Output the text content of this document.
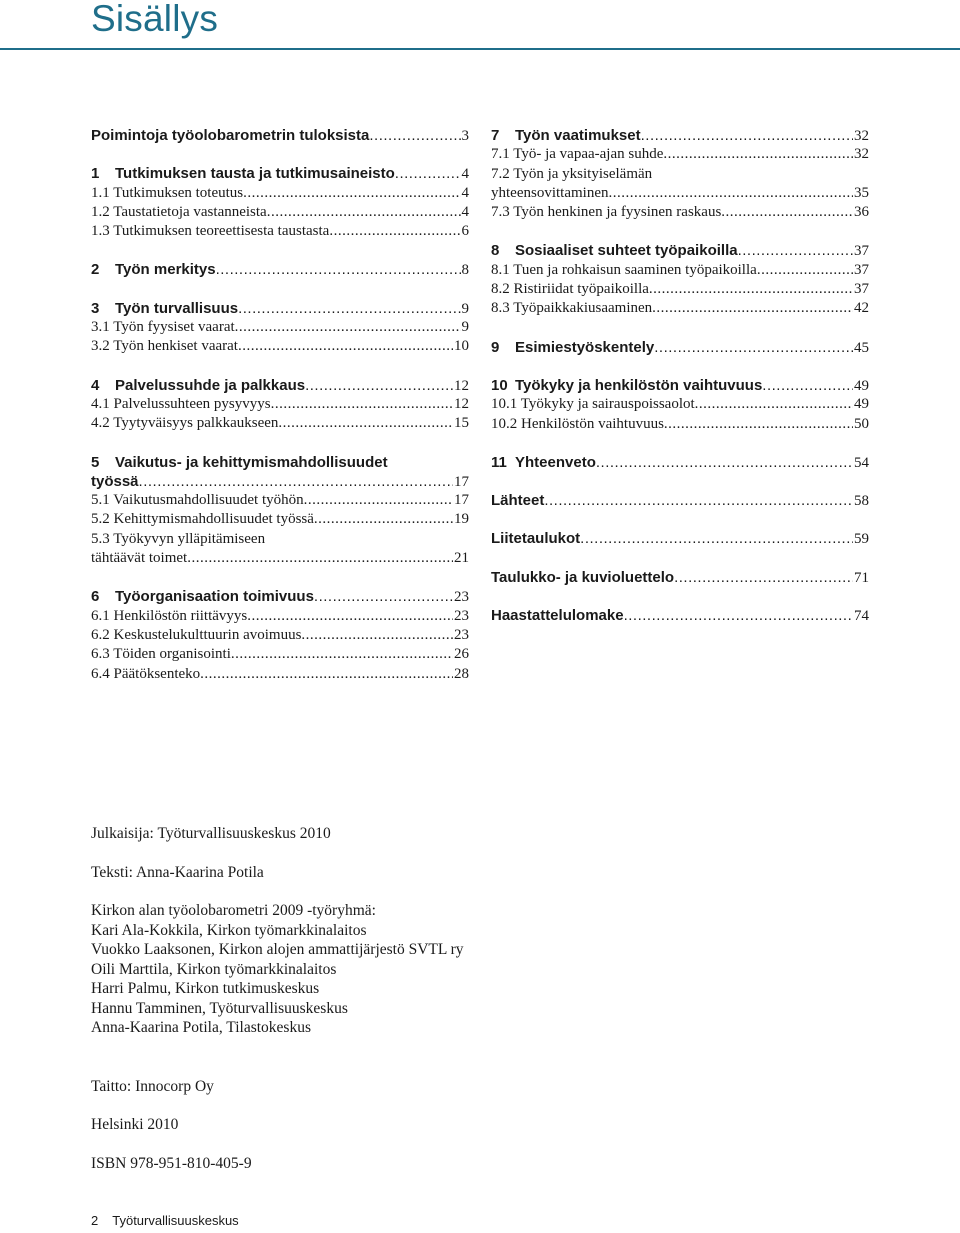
Sisällys
Poimintoja työolobarometrin tuloksista .....	3
1 Tutkimuksen tausta ja tutkimusaineisto .....	4
1.1 Tutkimuksen toteutus .....	4
1.2 Taustatietoja vastanneista .....	4
1.3 Tutkimuksen teoreettisesta taustasta .....	6
2 Työn merkitys .....	8
3 Työn turvallisuus .....	9
3.1 Työn fyysiset vaarat .....	9
3.2 Työn henkiset vaarat .....	10
4 Palvelussuhde ja palkkaus .....	12
4.1 Palvelussuhteen pysyvyys .....	12
4.2 Tyytyväisyys palkkaukseen .....	15
5 Vaikutus- ja kehittymismahdollisuudet
työssä .....	17
5.1 Vaikutusmahdollisuudet työhön .....	17
5.2 Kehittymismahdollisuudet työssä .....	19
5.3 Työkyvyn ylläpitämiseen
tähtäävät toimet .....	21
6 Työorganisaation toimivuus .....	23
6.1 Henkilöstön riittävyys .....	23
6.2 Keskustelukulttuurin avoimuus .....	23
6.3 Töiden organisointi .....	26
6.4 Päätöksenteko .....	28
7 Työn vaatimukset .....	32
7.1 Työ- ja vapaa-ajan suhde .....	32
7.2 Työn ja yksityiselämän
yhteensovittaminen .....	35
7.3 Työn henkinen ja fyysinen raskaus .....	36
8 Sosiaaliset suhteet työpaikoilla .....	37
8.1 Tuen ja rohkaisun saaminen työpaikoilla .....	37
8.2 Ristiriidat työpaikoilla .....	37
8.3 Työpaikkakiusaaminen .....	42
9 Esimiestyöskentely .....	45
10 Työkyky ja henkilöstön vaihtuvuus .....	49
10.1 Työkyky ja sairauspoissaolot .....	49
10.2 Henkilöstön vaihtuvuus .....	50
11 Yhteenveto .....	54
Lähteet .....	58
Liitetaulukot .....	59
Taulukko- ja kuvioluettelo .....	71
Haastattelulomake .....	74

Julkaisija: Työturvallisuuskeskus 2010

Teksti: Anna-Kaarina Potila

Kirkon alan työolobarometri 2009 -työryhmä:

Kari Ala-Kokkila, Kirkon työmarkkinalaitos

Vuokko Laaksonen, Kirkon alojen ammattijärjestö SVTL ry

Oili Marttila, Kirkon työmarkkinalaitos

Harri Palmu, Kirkon tutkimuskeskus

Hannu Tamminen, Työturvallisuuskeskus

Anna-Kaarina Potila, Tilastokeskus

Taitto: Innocorp Oy

Helsinki 2010

ISBN 978-951-810-405-9

2 Työturvallisuuskeskus
